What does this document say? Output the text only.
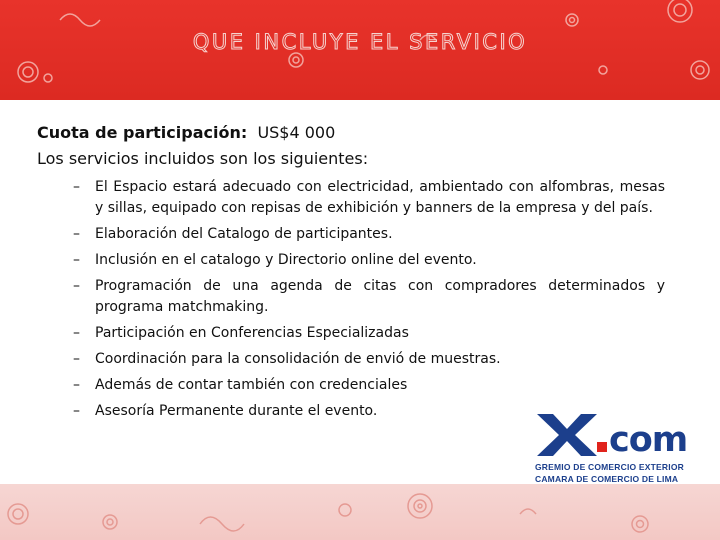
QUE INCLUYE EL SERVICIO
Cuota de participación: US$4 000
Los servicios incluidos son los siguientes:
– El Espacio estará adecuado con electricidad, ambientado con alfombras, mesas y sillas, equipado con repisas de exhibición y banners de la empresa y del país.
– Elaboración del Catalogo de participantes.
– Inclusión en el catalogo y Directorio online del evento.
– Programación de una agenda de citas con compradores determinados y programa matchmaking.
– Participación en Conferencias Especializadas
– Coordinación para la consolidación de envió de muestras.
– Además de contar también con credenciales
– Asesoría Permanente durante el evento.
com
GREMIO DE COMERCIO EXTERIOR
CAMARA DE COMERCIO DE LIMA
